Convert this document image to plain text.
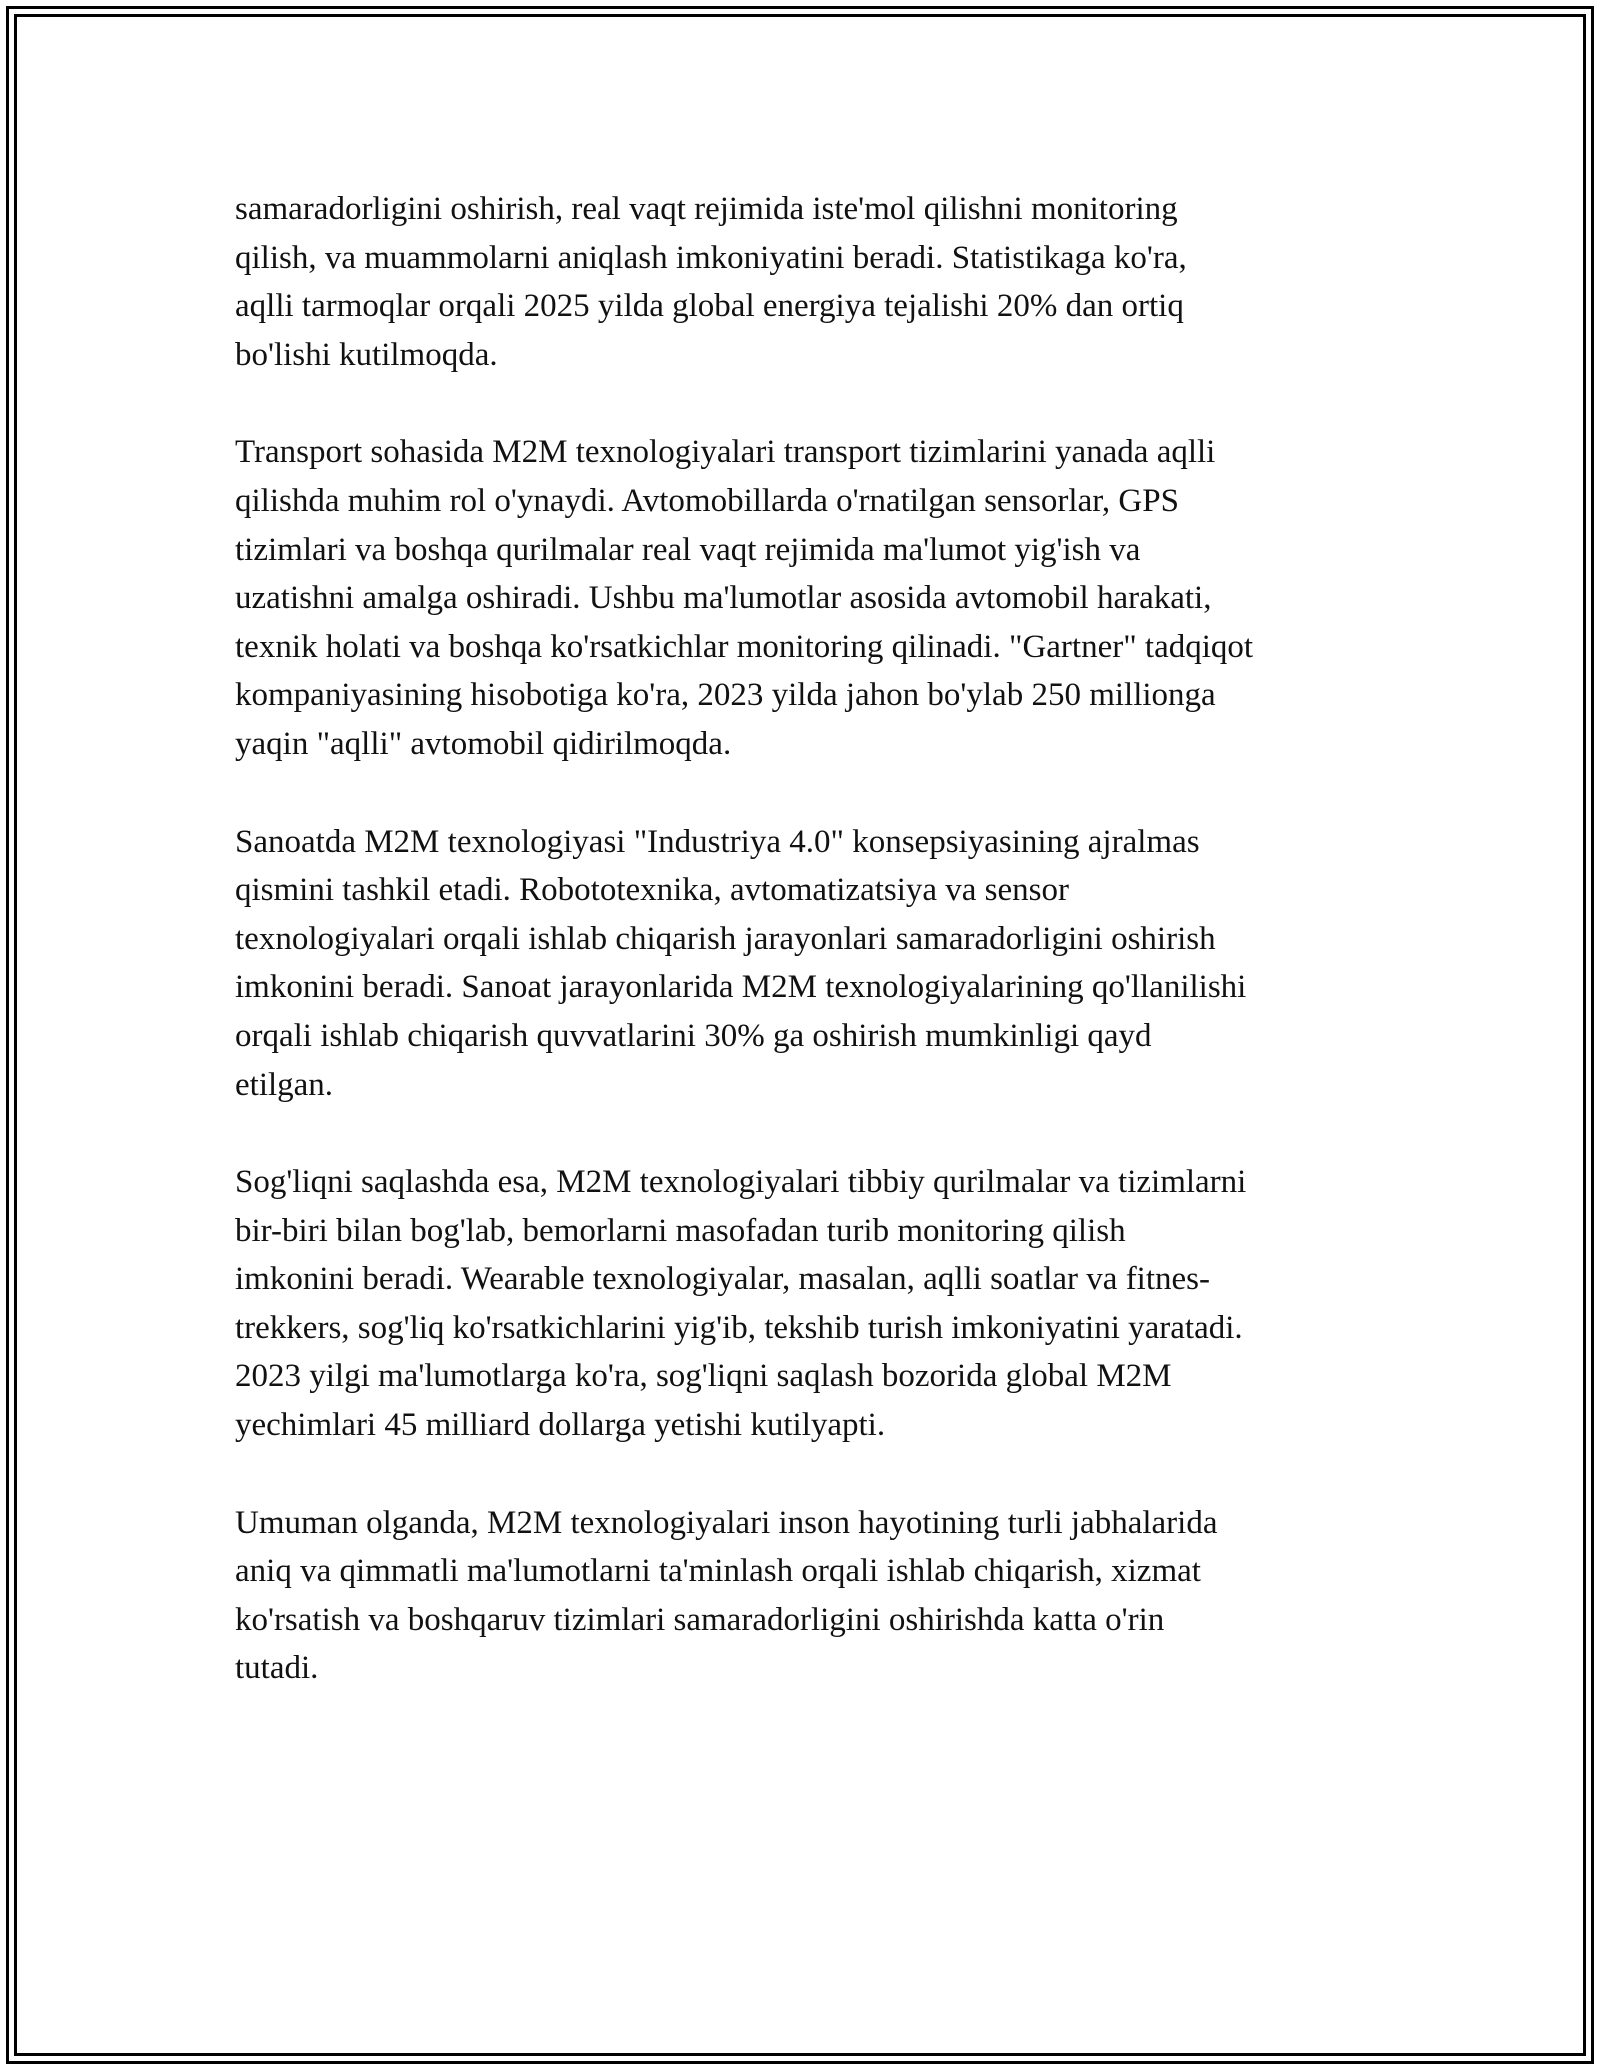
samaradorligini oshirish, real vaqt rejimida iste'mol qilishni monitoring
qilish, va muammolarni aniqlash imkoniyatini beradi. Statistikaga ko'ra,
aqlli tarmoqlar orqali 2025 yilda global energiya tejalishi 20% dan ortiq
bo'lishi kutilmoqda.

Transport sohasida M2M texnologiyalari transport tizimlarini yanada aqlli
qilishda muhim rol o'ynaydi. Avtomobillarda o'rnatilgan sensorlar, GPS
tizimlari va boshqa qurilmalar real vaqt rejimida ma'lumot yig'ish va
uzatishni amalga oshiradi. Ushbu ma'lumotlar asosida avtomobil harakati,
texnik holati va boshqa ko'rsatkichlar monitoring qilinadi. "Gartner" tadqiqot
kompaniyasining hisobotiga ko'ra, 2023 yilda jahon bo'ylab 250 millionga
yaqin "aqlli" avtomobil qidirilmoqda.

Sanoatda M2M texnologiyasi "Industriya 4.0" konsepsiyasining ajralmas
qismini tashkil etadi. Robototexnika, avtomatizatsiya va sensor
texnologiyalari orqali ishlab chiqarish jarayonlari samaradorligini oshirish
imkonini beradi. Sanoat jarayonlarida M2M texnologiyalarining qo'llanilishi
orqali ishlab chiqarish quvvatlarini 30% ga oshirish mumkinligi qayd
etilgan.

Sog'liqni saqlashda esa, M2M texnologiyalari tibbiy qurilmalar va tizimlarni
bir-biri bilan bog'lab, bemorlarni masofadan turib monitoring qilish
imkonini beradi. Wearable texnologiyalar, masalan, aqlli soatlar va fitnes-
trekkers, sog'liq ko'rsatkichlarini yig'ib, tekshib turish imkoniyatini yaratadi.
2023 yilgi ma'lumotlarga ko'ra, sog'liqni saqlash bozorida global M2M
yechimlari 45 milliard dollarga yetishi kutilyapti.

Umuman olganda, M2M texnologiyalari inson hayotining turli jabhalarida
aniq va qimmatli ma'lumotlarni ta'minlash orqali ishlab chiqarish, xizmat
ko'rsatish va boshqaruv tizimlari samaradorligini oshirishda katta o'rin
tutadi.
